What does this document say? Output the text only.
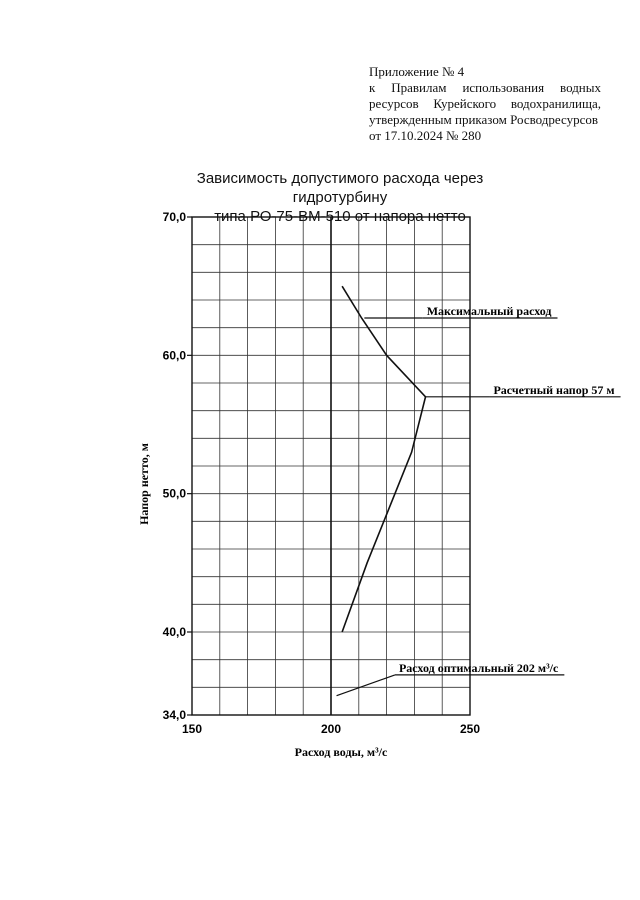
Приложение № 4
к Правилам использования водных
ресурсов Курейского водохранилища,
утвержденным приказом Росводресурсов
от 17.10.2024 № 280
Зависимость допустимого расхода через гидротурбину
типа РО-75-ВМ-510 от напора нетто
70,0
60,0
50,0
40,0
34,0
150	200	250
Максимальный расход
Расчетный напор 57 м
Расход оптимальный 202 м³/с
Расход воды, м³/с
Напор нетто, м
